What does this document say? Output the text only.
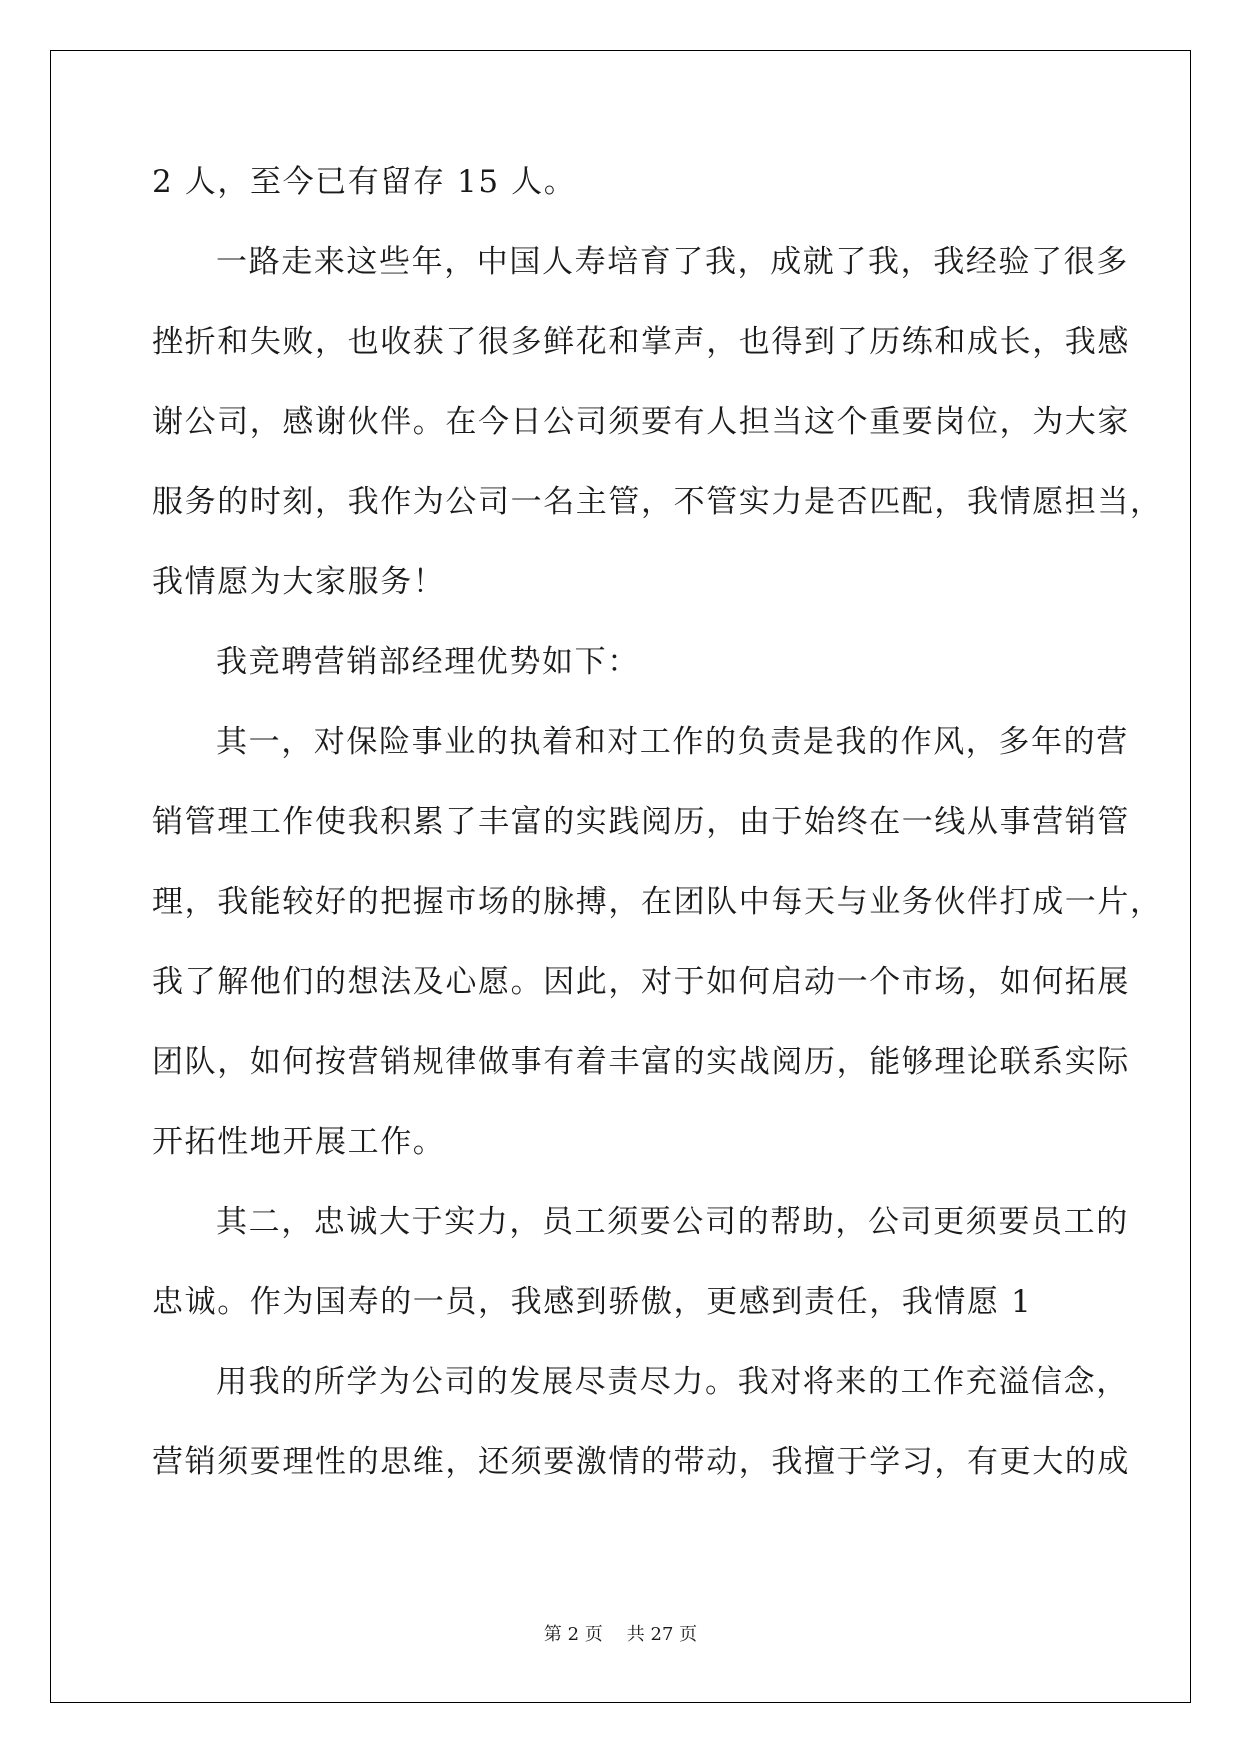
2 人，至今已有留存 15 人。

一路走来这些年，中国人寿培育了我，成就了我，我经验了很多

挫折和失败，也收获了很多鲜花和掌声，也得到了历练和成长，我感

谢公司，感谢伙伴。在今日公司须要有人担当这个重要岗位，为大家

服务的时刻，我作为公司一名主管，不管实力是否匹配，我情愿担当，

我情愿为大家服务！

我竞聘营销部经理优势如下：

其一，对保险事业的执着和对工作的负责是我的作风，多年的营

销管理工作使我积累了丰富的实践阅历，由于始终在一线从事营销管

理，我能较好的把握市场的脉搏，在团队中每天与业务伙伴打成一片，

我了解他们的想法及心愿。因此，对于如何启动一个市场，如何拓展

团队，如何按营销规律做事有着丰富的实战阅历，能够理论联系实际

开拓性地开展工作。

其二，忠诚大于实力，员工须要公司的帮助，公司更须要员工的

忠诚。作为国寿的一员，我感到骄傲，更感到责任，我情愿 1

用我的所学为公司的发展尽责尽力。我对将来的工作充溢信念，

营销须要理性的思维，还须要激情的带动，我擅于学习，有更大的成

第 2 页 共 27 页
